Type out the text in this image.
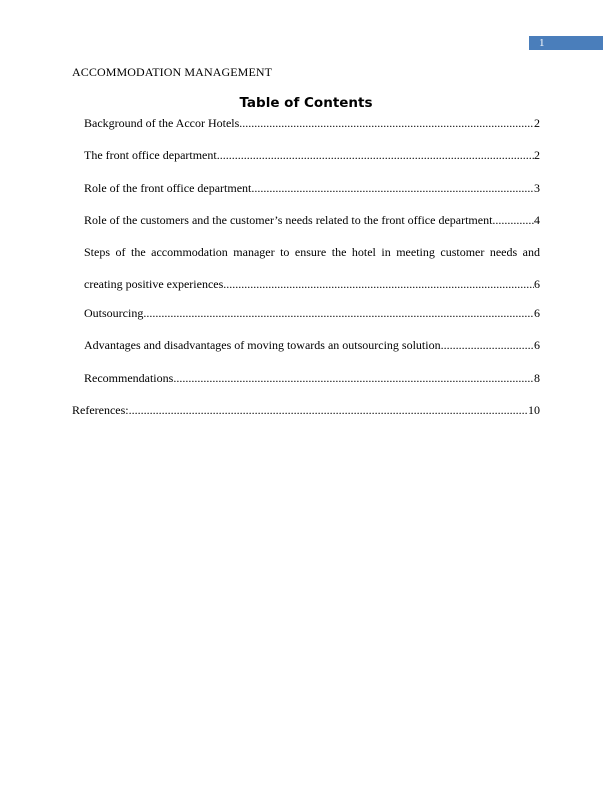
1
ACCOMMODATION MANAGEMENT
Table of Contents
Background of the Accor Hotels .....	2
The front office department .....	2
Role of the front office department .....	3
Role of the customers and the customer’s needs related to the front office department .....	4
Steps of the accommodation manager to ensure the hotel in meeting customer needs and
creating positive experiences .....	6
Outsourcing .....	6
Advantages and disadvantages of moving towards an outsourcing solution .....	6
Recommendations .....	8
References: .....	10
